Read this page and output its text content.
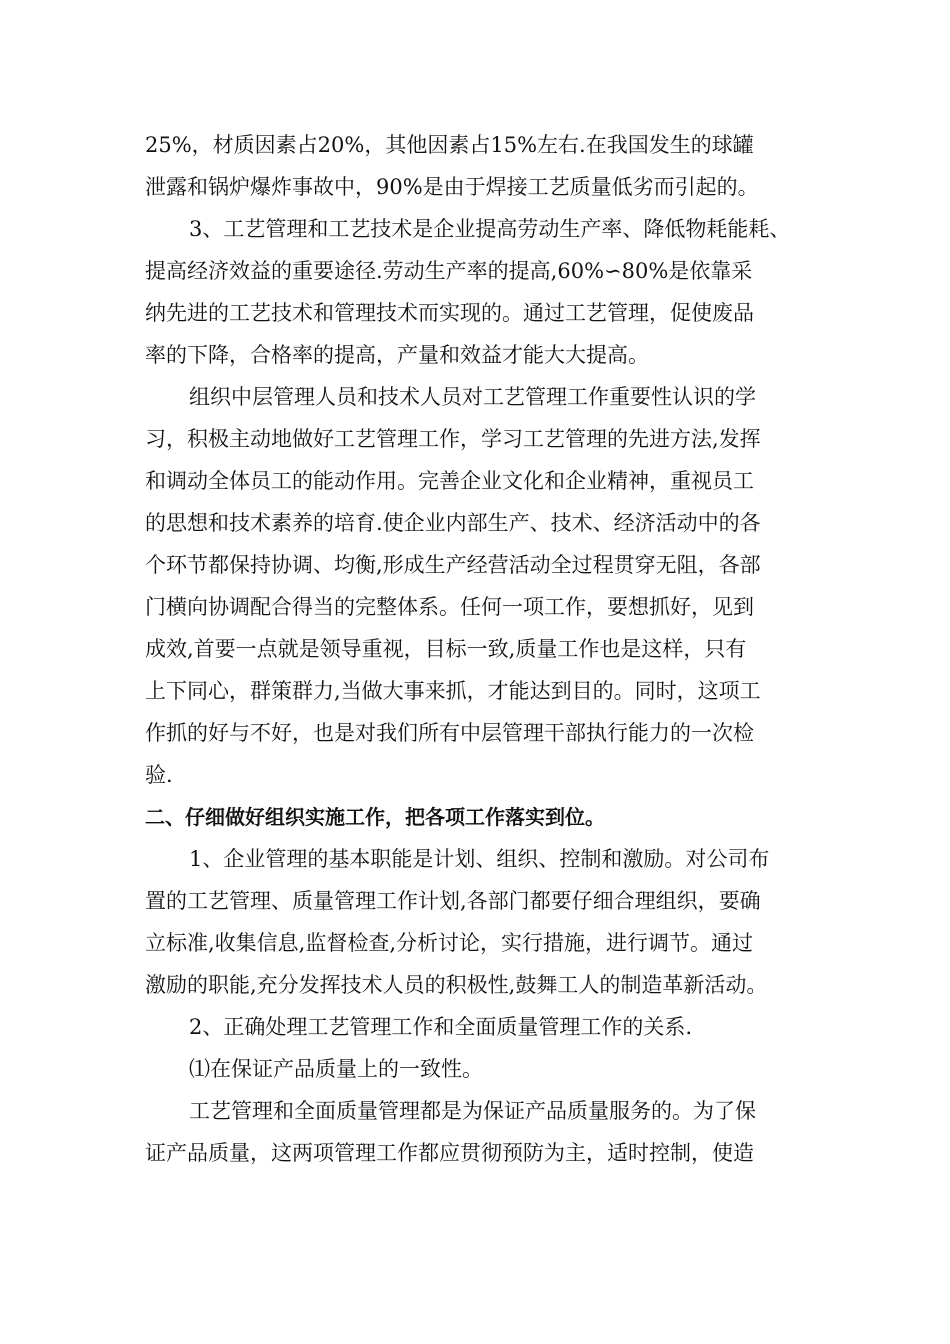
25%，材质因素占20%，其他因素占15%左右.在我国发生的球罐
泄露和锅炉爆炸事故中，90%是由于焊接工艺质量低劣而引起的。
3、工艺管理和工艺技术是企业提高劳动生产率、降低物耗能耗、
提高经济效益的重要途径.劳动生产率的提高,60%∽80%是依靠采
纳先进的工艺技术和管理技术而实现的。通过工艺管理，促使废品
率的下降，合格率的提高，产量和效益才能大大提高。
组织中层管理人员和技术人员对工艺管理工作重要性认识的学
习，积极主动地做好工艺管理工作，学习工艺管理的先进方法,发挥
和调动全体员工的能动作用。完善企业文化和企业精神，重视员工
的思想和技术素养的培育.使企业内部生产、技术、经济活动中的各
个环节都保持协调、均衡,形成生产经营活动全过程贯穿无阻，各部
门横向协调配合得当的完整体系。任何一项工作，要想抓好，见到
成效,首要一点就是领导重视，目标一致,质量工作也是这样，只有
上下同心，群策群力,当做大事来抓，才能达到目的。同时，这项工
作抓的好与不好，也是对我们所有中层管理干部执行能力的一次检
验.
二、仔细做好组织实施工作，把各项工作落实到位。
1、企业管理的基本职能是计划、组织、控制和激励。对公司布
置的工艺管理、质量管理工作计划,各部门都要仔细合理组织，要确
立标准,收集信息,监督检查,分析讨论，实行措施，进行调节。通过
激励的职能,充分发挥技术人员的积极性,鼓舞工人的制造革新活动。
2、正确处理工艺管理工作和全面质量管理工作的关系.
⑴在保证产品质量上的一致性。
工艺管理和全面质量管理都是为保证产品质量服务的。为了保
证产品质量，这两项管理工作都应贯彻预防为主，适时控制，使造
